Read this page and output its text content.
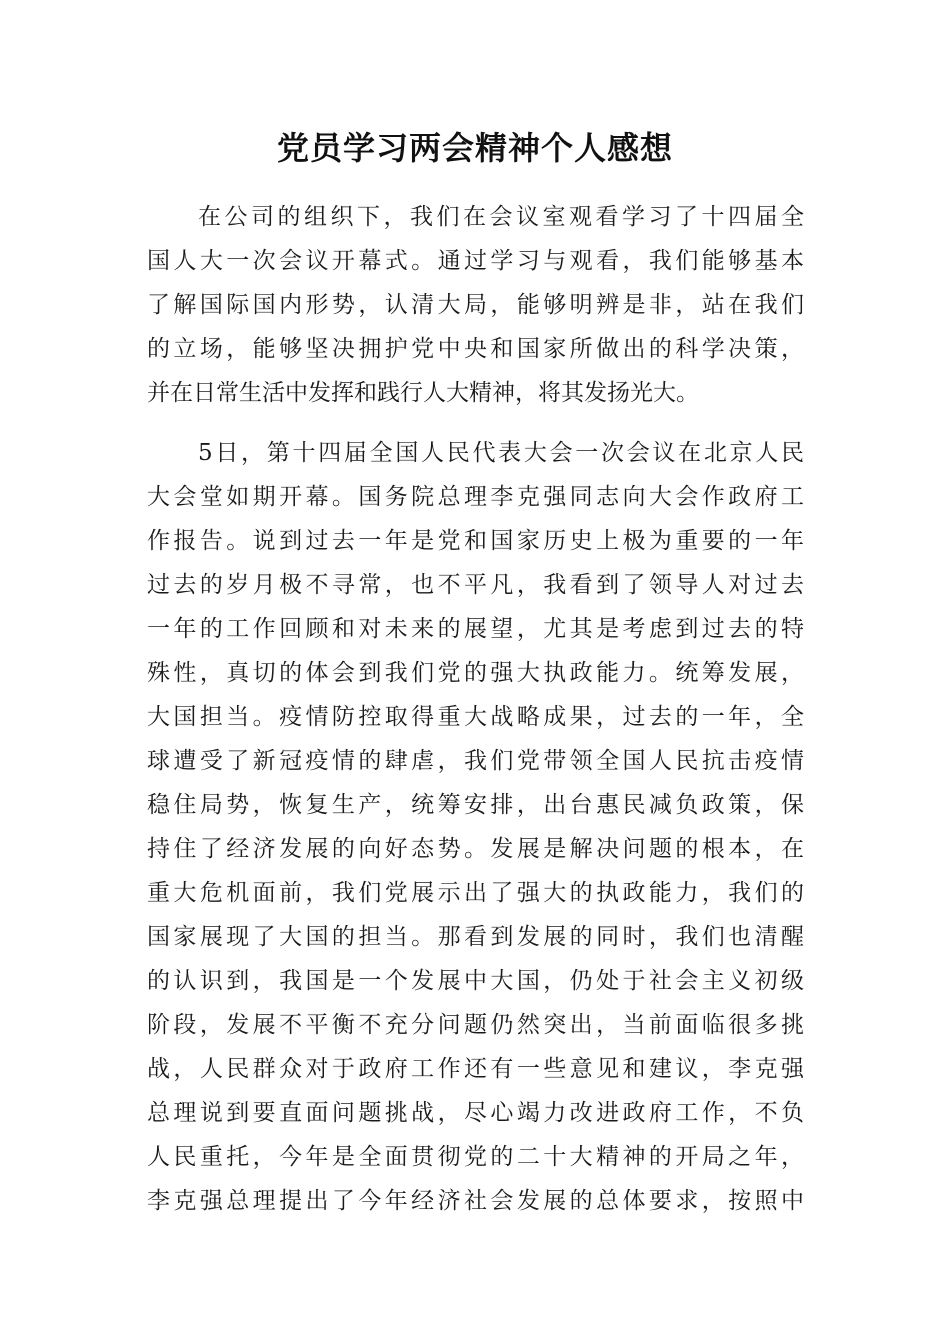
党员学习两会精神个人感想
在公司的组织下，我们在会议室观看学习了十四届全
国人大一次会议开幕式。通过学习与观看，我们能够基本
了解国际国内形势，认清大局，能够明辨是非，站在我们
的立场，能够坚决拥护党中央和国家所做出的科学决策，
并在日常生活中发挥和践行人大精神，将其发扬光大。
5日，第十四届全国人民代表大会一次会议在北京人民
大会堂如期开幕。国务院总理李克强同志向大会作政府工
作报告。说到过去一年是党和国家历史上极为重要的一年
过去的岁月极不寻常，也不平凡，我看到了领导人对过去
一年的工作回顾和对未来的展望，尤其是考虑到过去的特
殊性，真切的体会到我们党的强大执政能力。统筹发展，
大国担当。疫情防控取得重大战略成果，过去的一年，全
球遭受了新冠疫情的肆虐，我们党带领全国人民抗击疫情
稳住局势，恢复生产，统筹安排，出台惠民减负政策，保
持住了经济发展的向好态势。发展是解决问题的根本，在
重大危机面前，我们党展示出了强大的执政能力，我们的
国家展现了大国的担当。那看到发展的同时，我们也清醒
的认识到，我国是一个发展中大国，仍处于社会主义初级
阶段，发展不平衡不充分问题仍然突出，当前面临很多挑
战，人民群众对于政府工作还有一些意见和建议，李克强
总理说到要直面问题挑战，尽心竭力改进政府工作，不负
人民重托，今年是全面贯彻党的二十大精神的开局之年，
李克强总理提出了今年经济社会发展的总体要求，按照中
